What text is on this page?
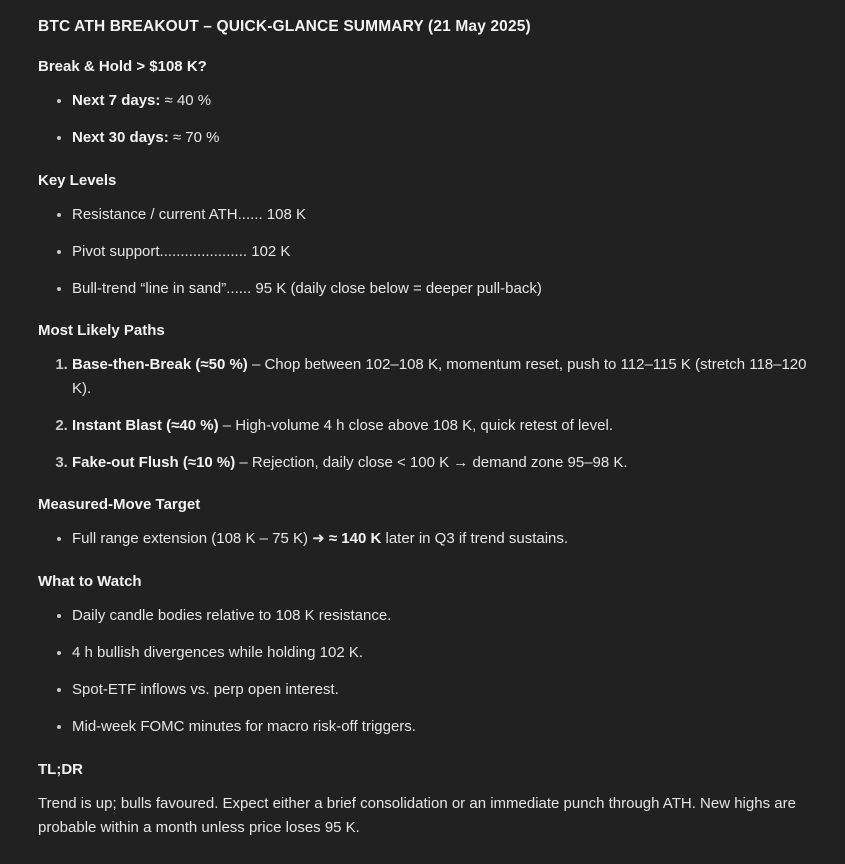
BTC ATH BREAKOUT – QUICK-GLANCE SUMMARY (21 May 2025)
Break & Hold > $108 K?
• Next 7 days: ≈ 40 %
• Next 30 days: ≈ 70 %
Key Levels
• Resistance / current ATH...... 108 K
• Pivot support..................... 102 K
• Bull-trend “line in sand”...... 95 K (daily close below = deeper pull-back)
Most Likely Paths
1. Base-then-Break (≈50 %) – Chop between 102–108 K, momentum reset, push to 112–115 K (stretch 118–120 K).
2. Instant Blast (≈40 %) – High-volume 4 h close above 108 K, quick retest of level.
3. Fake-out Flush (≈10 %) – Rejection, daily close < 100 K → demand zone 95–98 K.
Measured-Move Target
• Full range extension (108 K – 75 K) ➜ ≈ 140 K later in Q3 if trend sustains.
What to Watch
• Daily candle bodies relative to 108 K resistance.
• 4 h bullish divergences while holding 102 K.
• Spot-ETF inflows vs. perp open interest.
• Mid-week FOMC minutes for macro risk-off triggers.
TL;DR

Trend is up; bulls favoured. Expect either a brief consolidation or an immediate punch through ATH. New highs are probable within a month unless price loses 95 K.
